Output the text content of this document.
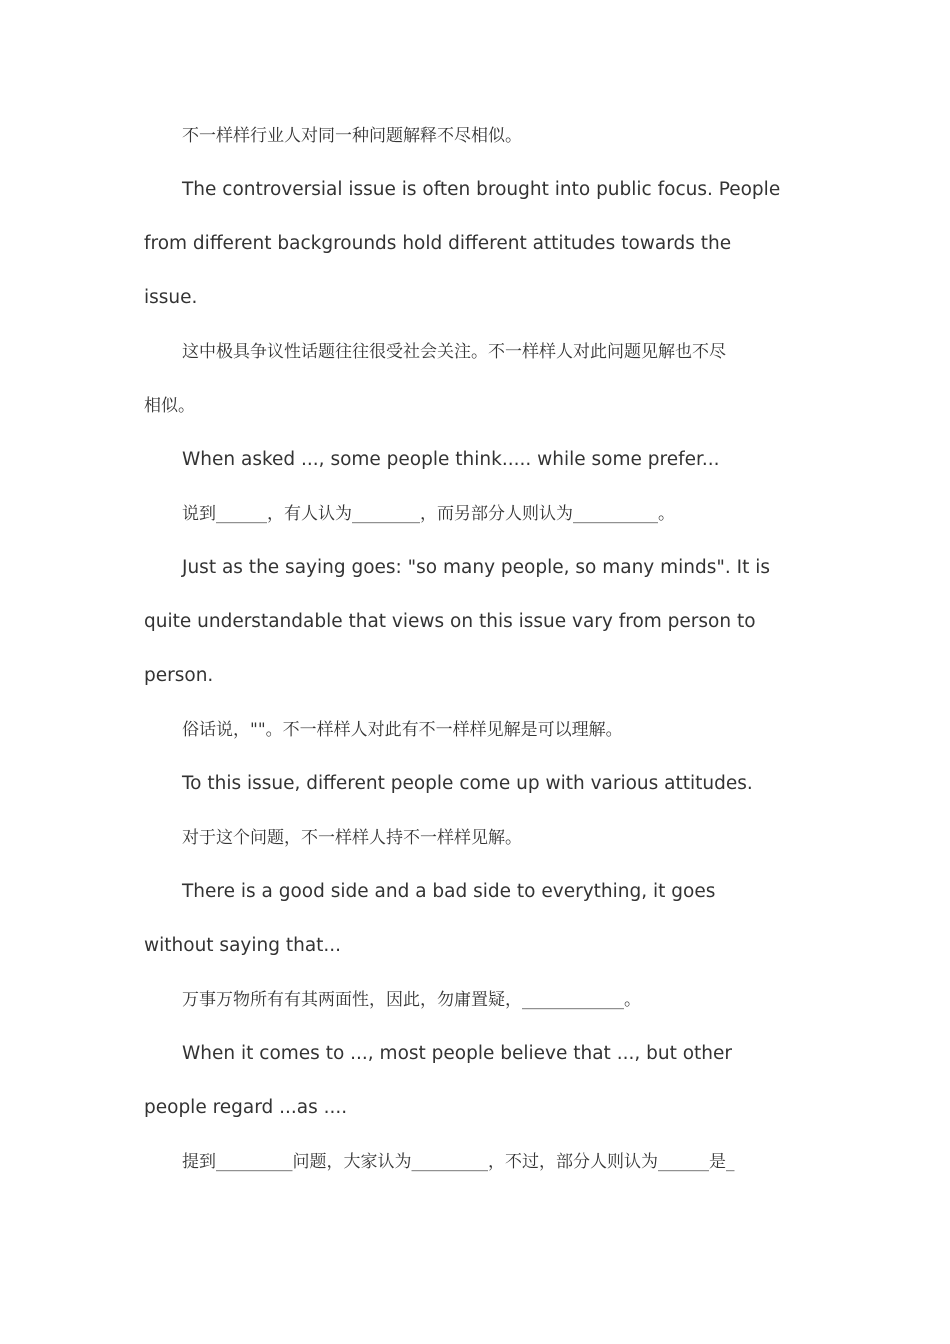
不一样样行业人对同一种问题解释不尽相似。

The controversial issue is often brought into public focus. People
from different backgrounds hold different attitudes towards the
issue.

这中极具争议性话题往往很受社会关注。不一样样人对此问题见解也不尽
相似。

When asked ..., some people think..... while some prefer...

说到______，有人认为________，而另部分人则认为__________。

Just as the saying goes: "so many people, so many minds". It is
quite understandable that views on this issue vary from person to
person.

俗话说，""。不一样样人对此有不一样样见解是可以理解。

To this issue, different people come up with various attitudes.

对于这个问题，不一样样人持不一样样见解。

There is a good side and a bad side to everything, it goes
without saying that...

万事万物所有有其两面性，因此，勿庸置疑，____________。

When it comes to ..., most people believe that ..., but other
people regard ...as ....

提到_________问题，大家认为_________，不过，部分人则认为______是_
